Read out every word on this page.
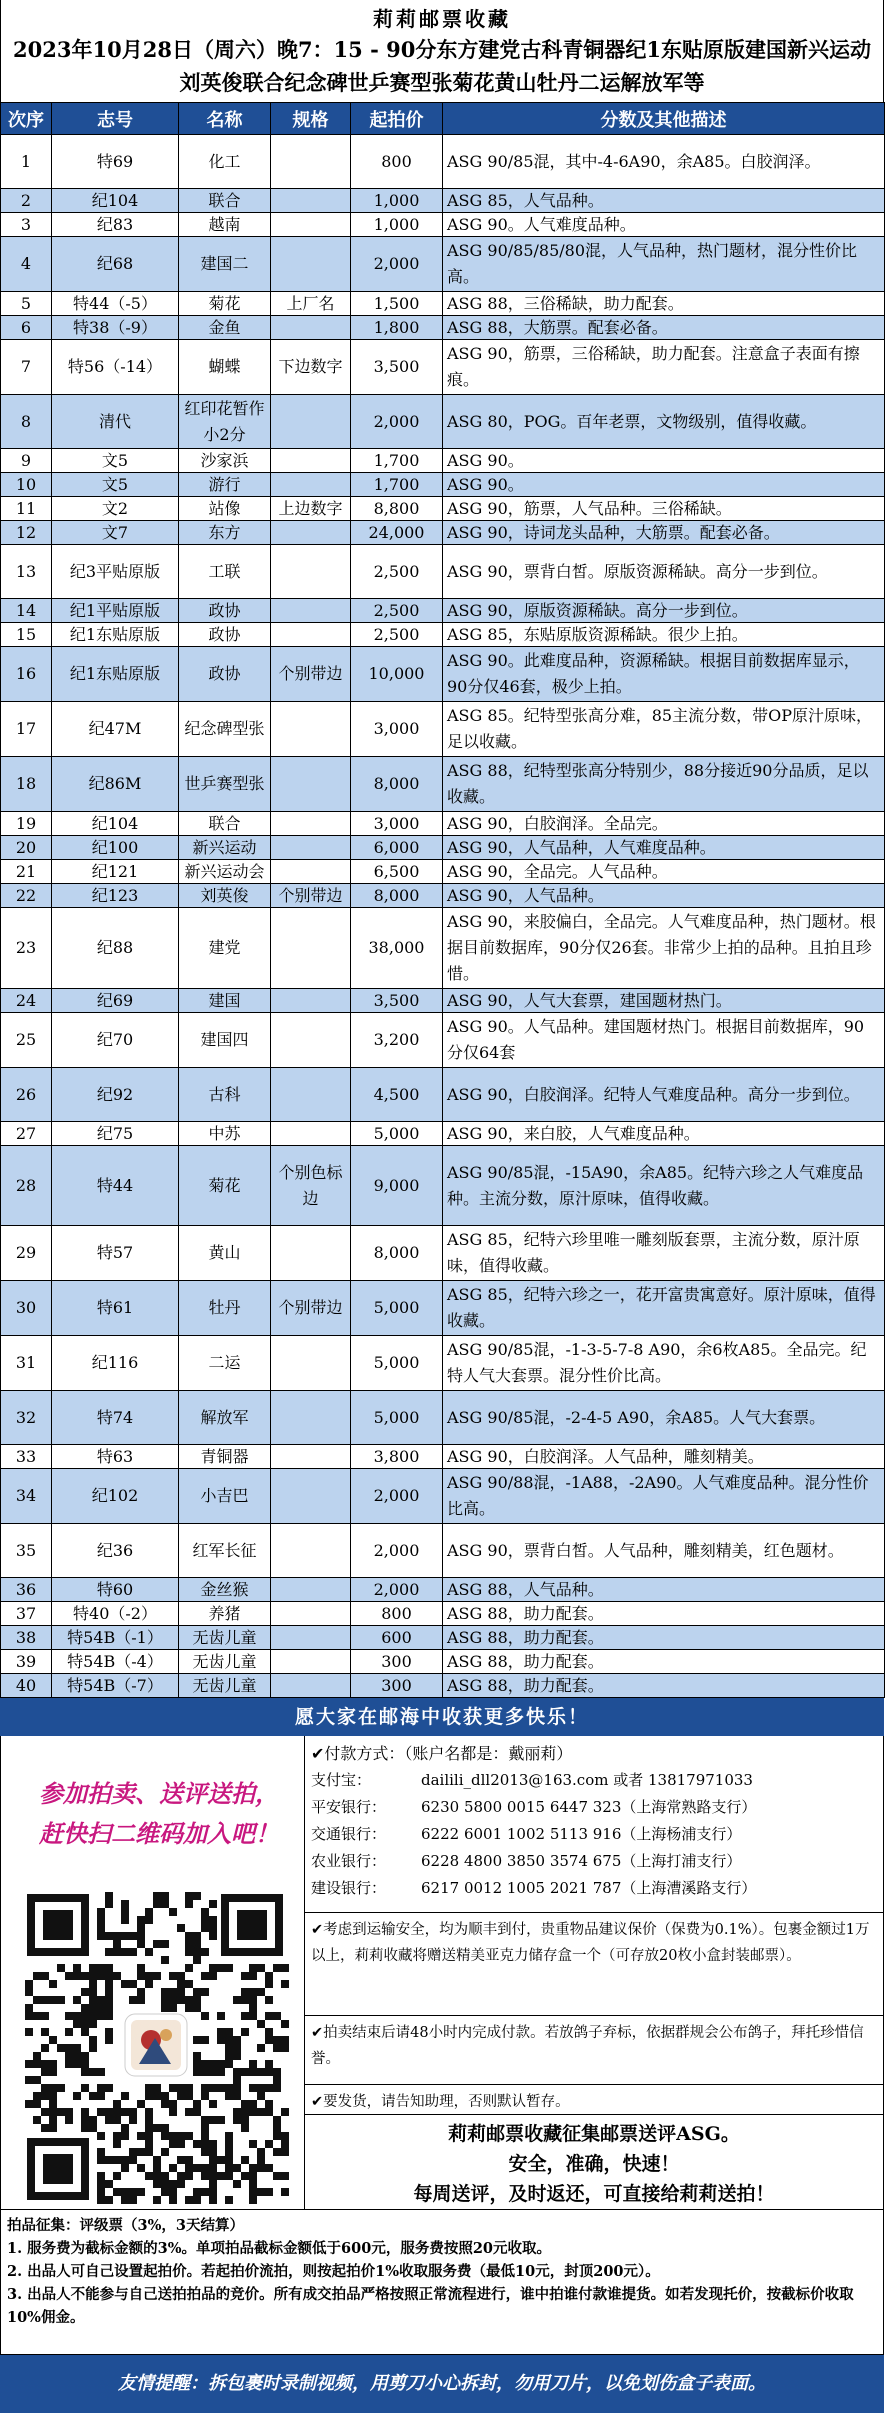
莉莉邮票收藏
2023年10月28日（周六）晚7：15 - 90分东方建党古科青铜器纪1东贴原版建国新兴运动
刘英俊联合纪念碑世乒赛型张菊花黄山牡丹二运解放军等
次序	志号	名称	规格	起拍价	分数及其他描述
1	特69	化工		800	ASG 90/85混，其中-4-6A90，余A85。白胶润泽。
2	纪104	联合		1,000	ASG 85，人气品种。
3	纪83	越南		1,000	ASG 90。人气难度品种。
4	纪68	建国二		2,000	ASG 90/85/85/80混，人气品种，热门题材，混分性价比高。
5	特44（-5）	菊花	上厂名	1,500	ASG 88，三俗稀缺，助力配套。
6	特38（-9）	金鱼		1,800	ASG 88，大筋票。配套必备。
7	特56（-14）	蝴蝶	下边数字	3,500	ASG 90，筋票，三俗稀缺，助力配套。注意盒子表面有擦痕。
8	清代	红印花暂作小2分		2,000	ASG 80，POG。百年老票，文物级别，值得收藏。
9	文5	沙家浜		1,700	ASG 90。
10	文5	游行		1,700	ASG 90。
11	文2	站像	上边数字	8,800	ASG 90，筋票，人气品种。三俗稀缺。
12	文7	东方		24,000	ASG 90，诗词龙头品种，大筋票。配套必备。
13	纪3平贴原版	工联		2,500	ASG 90，票背白皙。原版资源稀缺。高分一步到位。
14	纪1平贴原版	政协		2,500	ASG 90，原版资源稀缺。高分一步到位。
15	纪1东贴原版	政协		2,500	ASG 85，东贴原版资源稀缺。很少上拍。
16	纪1东贴原版	政协	个别带边	10,000	ASG 90。此难度品种，资源稀缺。根据目前数据库显示，90分仅46套，极少上拍。
17	纪47M	纪念碑型张		3,000	ASG 85。纪特型张高分难，85主流分数，带OP原汁原味，足以收藏。
18	纪86M	世乒赛型张		8,000	ASG 88，纪特型张高分特别少，88分接近90分品质，足以收藏。
19	纪104	联合		3,000	ASG 90，白胶润泽。全品完。
20	纪100	新兴运动		6,000	ASG 90，人气品种，人气难度品种。
21	纪121	新兴运动会		6,500	ASG 90，全品完。人气品种。
22	纪123	刘英俊	个别带边	8,000	ASG 90，人气品种。
23	纪88	建党		38,000	ASG 90，来胶偏白，全品完。人气难度品种，热门题材。根据目前数据库，90分仅26套。非常少上拍的品种。且拍且珍惜。
24	纪69	建国		3,500	ASG 90，人气大套票，建国题材热门。
25	纪70	建国四		3,200	ASG 90。人气品种。建国题材热门。根据目前数据库，90分仅64套
26	纪92	古科		4,500	ASG 90，白胶润泽。纪特人气难度品种。高分一步到位。
27	纪75	中苏		5,000	ASG 90，来白胶，人气难度品种。
28	特44	菊花	个别色标边	9,000	ASG 90/85混，-15A90，余A85。纪特六珍之人气难度品种。主流分数，原汁原味，值得收藏。
29	特57	黄山		8,000	ASG 85，纪特六珍里唯一雕刻版套票，主流分数，原汁原味，值得收藏。
30	特61	牡丹	个别带边	5,000	ASG 85，纪特六珍之一，花开富贵寓意好。原汁原味，值得收藏。
31	纪116	二运		5,000	ASG 90/85混，-1-3-5-7-8 A90，余6枚A85。全品完。纪特人气大套票。混分性价比高。
32	特74	解放军		5,000	ASG 90/85混，-2-4-5 A90，余A85。人气大套票。
33	特63	青铜器		3,800	ASG 90，白胶润泽。人气品种，雕刻精美。
34	纪102	小吉巴		2,000	ASG 90/88混，-1A88，-2A90。人气难度品种。混分性价比高。
35	纪36	红军长征		2,000	ASG 90，票背白皙。人气品种，雕刻精美，红色题材。
36	特60	金丝猴		2,000	ASG 88，人气品种。
37	特40（-2）	养猪		800	ASG 88，助力配套。
38	特54B（-1）	无齿儿童		600	ASG 88，助力配套。
39	特54B（-4）	无齿儿童		300	ASG 88，助力配套。
40	特54B（-7）	无齿儿童		300	ASG 88，助力配套。
愿大家在邮海中收获更多快乐！
参加拍卖、送评送拍，
赶快扫二维码加入吧！
✔付款方式：（账户名都是：戴丽莉）
支付宝：	dailili_dll2013@163.com 或者 13817971033
平安银行：	6230 5800 0015 6447 323（上海常熟路支行）
交通银行：	6222 6001 1002 5113 916（上海杨浦支行）
农业银行：	6228 4800 3850 3574 675（上海打浦支行）
建设银行：	6217 0012 1005 2021 787（上海漕溪路支行）
✔考虑到运输安全，均为顺丰到付，贵重物品建议保价（保费为0.1%）。包裹金额过1万以上，莉莉收藏将赠送精美亚克力储存盒一个（可存放20枚小盒封装邮票）。
✔拍卖结束后请48小时内完成付款。若放鸽子弃标，依据群规会公布鸽子，拜托珍惜信誉。
✔要发货，请告知助理，否则默认暂存。
莉莉邮票收藏征集邮票送评ASG。
安全，准确，快速！
每周送评，及时返还，可直接给莉莉送拍！
拍品征集：评级票（3%，3天结算）
1. 服务费为截标金额的3%。单项拍品截标金额低于600元，服务费按照20元收取。
2. 出品人可自己设置起拍价。若起拍价流拍，则按起拍价1%收取服务费（最低10元，封顶200元）。
3. 出品人不能参与自己送拍拍品的竞价。所有成交拍品严格按照正常流程进行，谁中拍谁付款谁提货。如若发现托价，按截标价收取10%佣金。
友情提醒：拆包裹时录制视频，用剪刀小心拆封，勿用刀片，以免划伤盒子表面。
